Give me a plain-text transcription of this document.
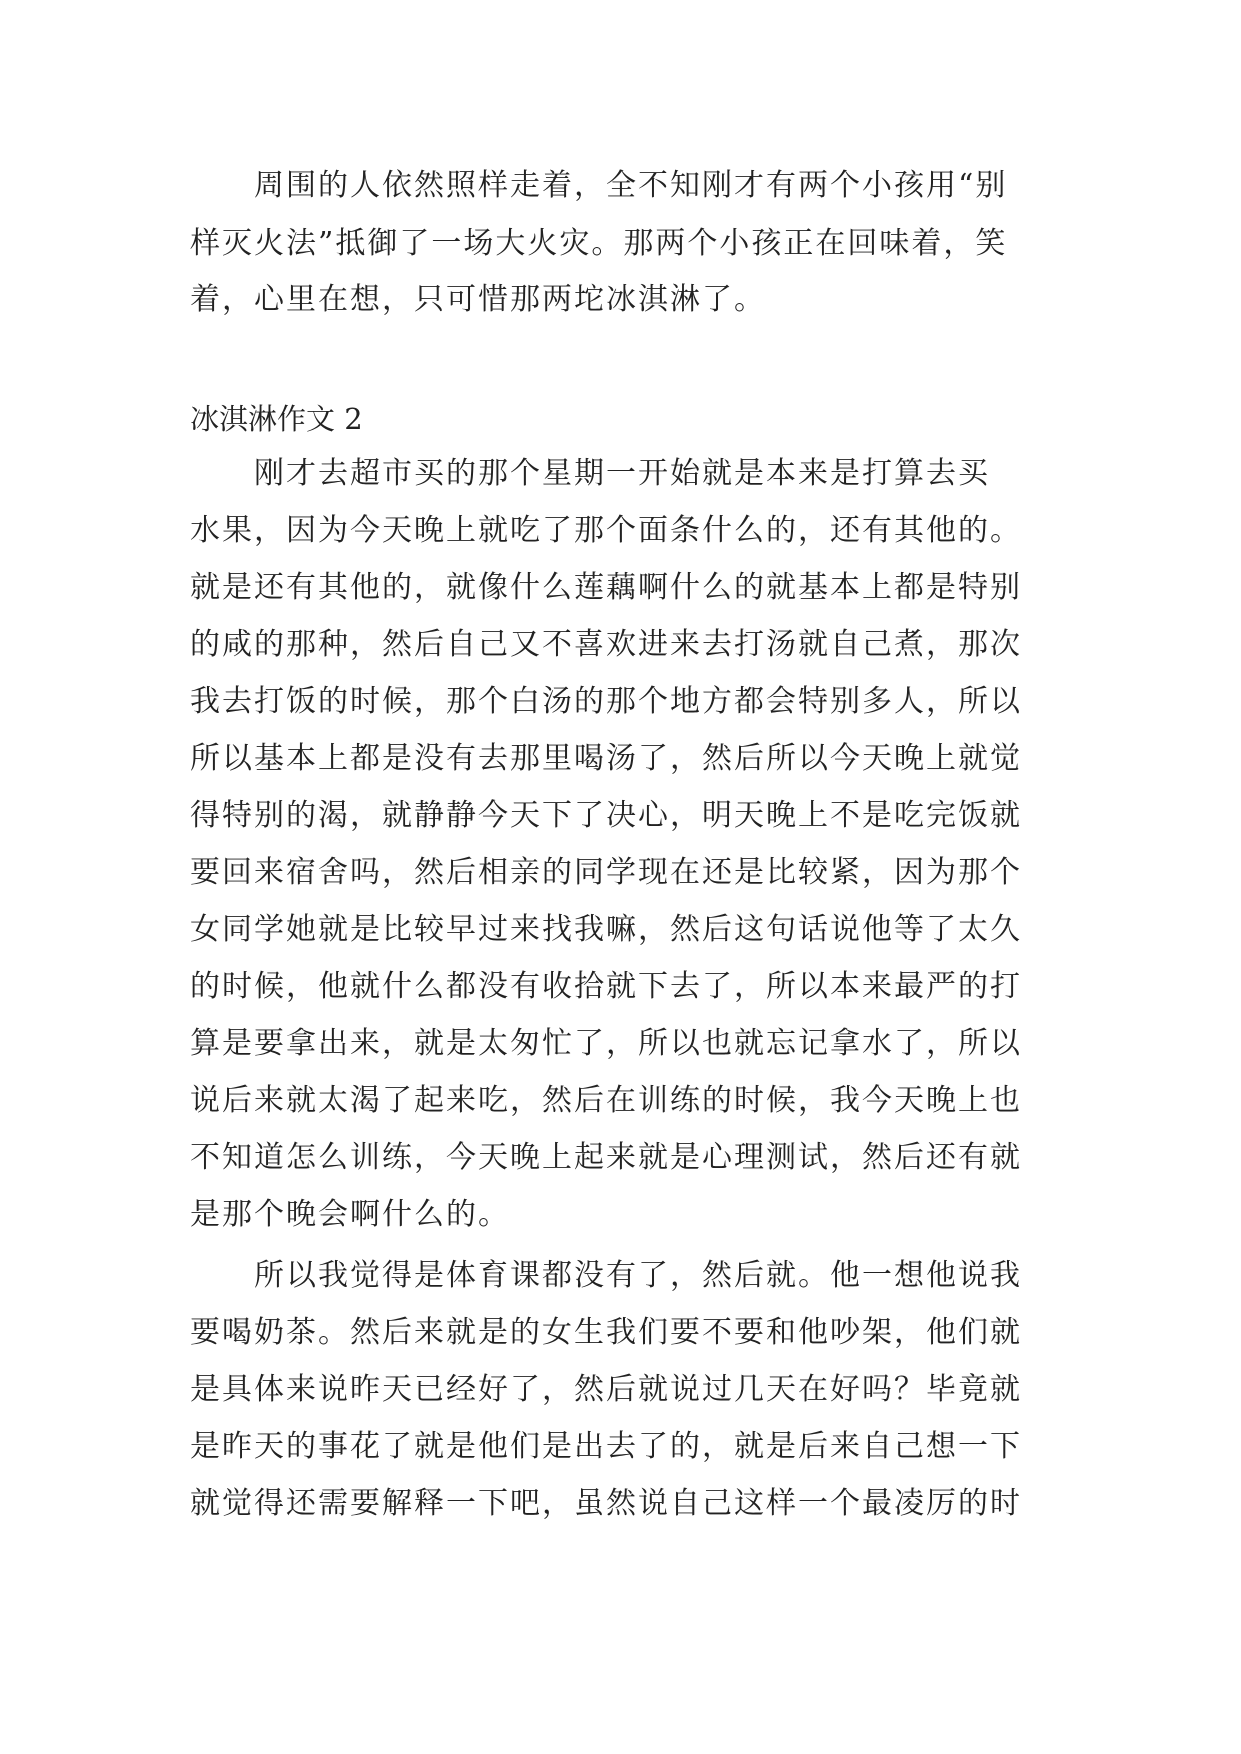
　　周围的人依然照样走着，全不知刚才有两个小孩用“别
样灭火法”抵御了一场大火灾。那两个小孩正在回味着，笑
着，心里在想，只可惜那两坨冰淇淋了。
冰淇淋作文 2
　　刚才去超市买的那个星期一开始就是本来是打算去买
水果，因为今天晚上就吃了那个面条什么的，还有其他的。
就是还有其他的，就像什么莲藕啊什么的就基本上都是特别
的咸的那种，然后自己又不喜欢进来去打汤就自己煮，那次
我去打饭的时候，那个白汤的那个地方都会特别多人，所以
所以基本上都是没有去那里喝汤了，然后所以今天晚上就觉
得特别的渴，就静静今天下了决心，明天晚上不是吃完饭就
要回来宿舍吗，然后相亲的同学现在还是比较紧，因为那个
女同学她就是比较早过来找我嘛，然后这句话说他等了太久
的时候，他就什么都没有收拾就下去了，所以本来最严的打
算是要拿出来，就是太匆忙了，所以也就忘记拿水了，所以
说后来就太渴了起来吃，然后在训练的时候，我今天晚上也
不知道怎么训练，今天晚上起来就是心理测试，然后还有就
是那个晚会啊什么的。
　　所以我觉得是体育课都没有了，然后就。他一想他说我
要喝奶茶。然后来就是的女生我们要不要和他吵架，他们就
是具体来说昨天已经好了，然后就说过几天在好吗？毕竟就
是昨天的事花了就是他们是出去了的，就是后来自己想一下
就觉得还需要解释一下吧，虽然说自己这样一个最凌厉的时
